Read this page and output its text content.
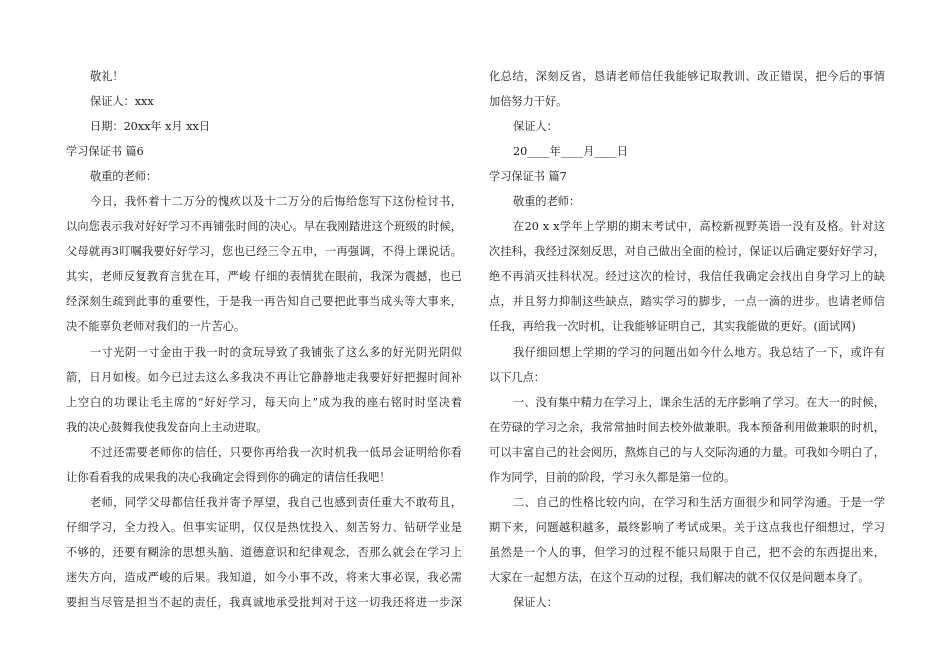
敬礼！
保证人：xxx
日期：20xx年 x月 xx日
学习保证书 篇6
敬重的老师：
今日，我怀着十二万分的愧疚以及十二万分的后悔给您写下这份检讨书，
以向您表示我对好好学习不再铺张时间的决心。早在我刚踏进这个班级的时候，
父母就再3叮嘱我要好好学习，您也已经三令五申，一再强调，不得上课说话。
其实，老师反复教育言犹在耳，严峻 仔细的表情犹在眼前，我深为震撼，也已
经深刻生疏到此事的重要性，于是我一再告知自己要把此事当成头等大事来，
决不能辜负老师对我们的一片苦心。
一寸光阴一寸金由于我一时的贪玩导致了我铺张了这么多的好光阴光阴似
箭，日月如梭。如今已过去这么多我决不再让它静静地走我要好好把握时间补
上空白的功课让毛主席的“好好学习，每天向上”成为我的座右铭时时坚决着
我的决心鼓舞我使我发奋向上主动进取。
不过还需要老师你的信任，只要你再给我一次时机我一低昂会证明给你看
让你看看我的成果我的决心我确定会得到你的确定的请信任我吧！
老师，同学父母都信任我并寄予厚望，我自己也感到责任重大不敢苟且，
仔细学习，全力投入。但事实证明，仅仅是热忱投入、刻苦努力、钻研学业是
不够的，还要有糊涂的思想头脑、道德意识和纪律观念，否那么就会在学习上
迷失方向，造成严峻的后果。我知道，如今小事不改，将来大事必误，我必需
要担当尽管是担当不起的责任，我真诚地承受批判对于这一切我还将进一步深
化总结，深刻反省，恳请老师信任我能够记取教训、改正错误，把今后的事情
加倍努力干好。
保证人：
20____年____月____日
学习保证书 篇7
敬重的老师：
在20 x x学年上学期的期末考试中，高校新视野英语一没有及格。针对这
次挂科，我经过深刻反思，对自己做出全面的检讨，保证以后确定要好好学习，
绝不再消灭挂科状况。经过这次的检讨，我信任我确定会找出自身学习上的缺
点，并且努力抑制这些缺点，踏实学习的脚步，一点一滴的进步。也请老师信
任我，再给我一次时机，让我能够证明自己，其实我能做的更好。(面试网)
我仔细回想上学期的学习的问题出如今什么地方。我总结了一下，或许有
以下几点：
一、没有集中精力在学习上，课余生活的无序影响了学习。在大一的时候，
在劳碌的学习之余，我常常抽时间去校外做兼职。我本预备利用做兼职的时机，
可以丰富自己的社会阅历，熬炼自己的与人交际沟通的力量。可我如今明白了，
作为同学，目前的阶段，学习永久都是第一位的。
二、自己的性格比较内向，在学习和生活方面很少和同学沟通。于是一学
期下来，问题越积越多，最终影响了考试成果。关于这点我也仔细想过，学习
虽然是一个人的事，但学习的过程不能只局限于自己，把不会的东西提出来，
大家在一起想方法，在这个互动的过程，我们解决的就不仅仅是问题本身了。
保证人：
